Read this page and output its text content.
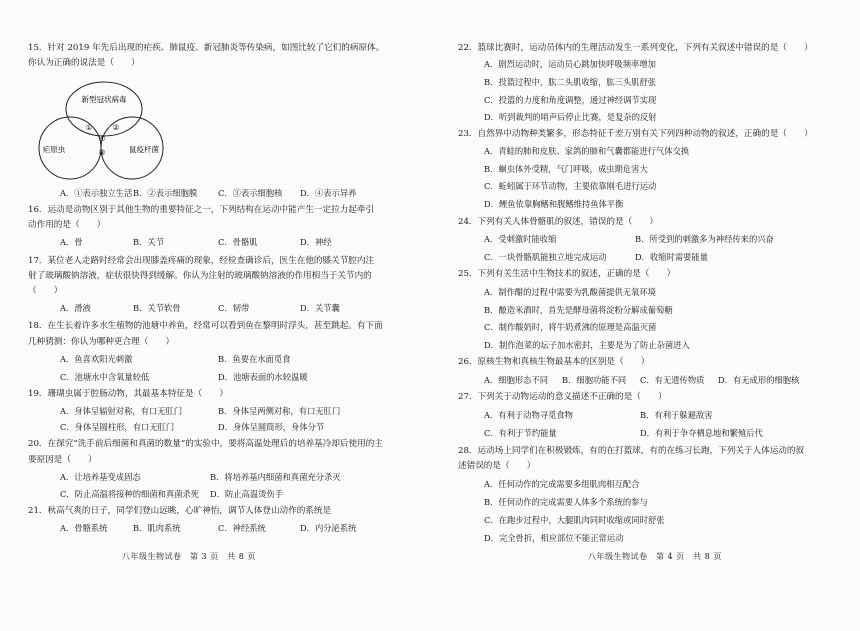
15．针对 2019 年先后出现的疟疾、肺鼠疫、新冠肺炎等传染病，如图比较了它们的病原体。
你认为正确的说法是（　　）
新型冠状病毒
疟原虫	鼠疫杆菌
①	②
④
③
A．①表示独立生活 B．②表示细胞膜	C．③表示细胞核 D．④表示异养
16．运动是动物区别于其他生物的重要特征之一，下列结构在运动中能产生一定拉力起牵引
动作用的是（　　）
A．骨	B．关节	C．骨骼肌	D．神经
17．某位老人走路时经常会出现膝盖疼痛的现象，经检查确诊后，医生在他的膝关节腔内注
射了玻璃酸钠溶液，症状很快得到缓解。你认为注射的玻璃酸钠溶液的作用相当于关节内的
（　　）
A．滑液	B．关节软骨	C．韧带	D．关节囊
18．在生长着许多水生植物的池塘中养鱼，经常可以看到鱼在黎明时浮头，甚至跳起。有下面
几种猜测：你认为哪种更合理（　　）
A．鱼喜欢阳光刺激	B．鱼要在水面觅食
C．池塘水中含氧量较低	D．池塘表面的水较温暖
19．珊瑚虫属于腔肠动物，其最基本特征是（　　）
A．身体呈辐射对称，有口无肛门	B．身体呈两侧对称，有口无肛门
C．身体呈圆柱形，有口无肛门	D．身体呈圆筒形，身体分节
20．在探究“洗手前后细菌和真菌的数量”的实验中，要将高温处理后的培养基冷却后使用的主
要原因是（　　）
A．让培养基变成固态	B．将培养基内细菌和真菌充分杀灭
C．防止高温将接种的细菌和真菌杀死 D．防止高温烫伤手
21．秋高气爽的日子，同学们登山远眺，心旷神怡，调节人体登山动作的系统是
A．骨骼系统	B．肌肉系统	C．神经系统	D．内分泌系统
八年级生物试卷　第 3 页　共 8 页
22．篮球比赛时，运动员体内的生理活动发生一系列变化，下列有关叙述中错误的是（　　）
A．剧烈运动时，运动员心跳加快呼吸频率增加
B．投篮过程中，肱二头肌收缩，肱三头肌舒张
C．投篮的力度和角度调整，通过神经调节实现
D．听到裁判的哨声后停止比赛，是复杂的反射
23．自然界中动物种类繁多，形态特征千差万别有关下列四种动物的叙述，正确的是（　　）
A．青蛙的肺和皮肤、家鸽的肺和气囊都能进行气体交换
B．蛔虫体外受精，气门呼吸，成虫期危害大
C．蚯蚓属于环节动物，主要依靠刚毛进行运动
D．鲤鱼依靠胸鳍和腹鳍维持鱼体平衡
24．下列有关人体骨骼肌的叙述，错误的是（　　）
A．受刺激时能收缩	B．所受到的刺激多为神经传来的兴奋
C．一块骨骼肌能独立地完成运动	D．收缩时需要能量
25．下列有关生活中生物技术的叙述，正确的是（　　）
A．制作醋的过程中需要为乳酸菌提供无氧环境
B．酿造米酒时，首先是酵母菌将淀粉分解成葡萄糖
C．制作酸奶时，将牛奶煮沸的原理是高温灭菌
D．制作泡菜的坛子加水密封，主要是为了防止杂菌进入
26．原核生物和真核生物最基本的区别是（　　）
A．细胞形态不同 B．细胞功能不同 C．有无遗传物质 D．有无成形的细胞核
27．下列关于动物运动的意义描述不正确的是（　　）
A．有利于动物寻觅食物	B．有利于躲避敌害
C．有利于节约能量	D．有利于争夺栖息地和繁殖后代
28．运动场上同学们在积极锻炼，有的在打篮球，有的在练习长跑，下列关于人体运动的叙
述错误的是（　　）
A．任何动作的完成需要多组肌肉相互配合
B．任何动作的完成需要人体多个系统的参与
C．在跑步过程中，大腿肌肉同时收缩或同时舒张
D．完全骨折，相应部位不能正常运动
八年级生物试卷　第 4 页　共 8 页
